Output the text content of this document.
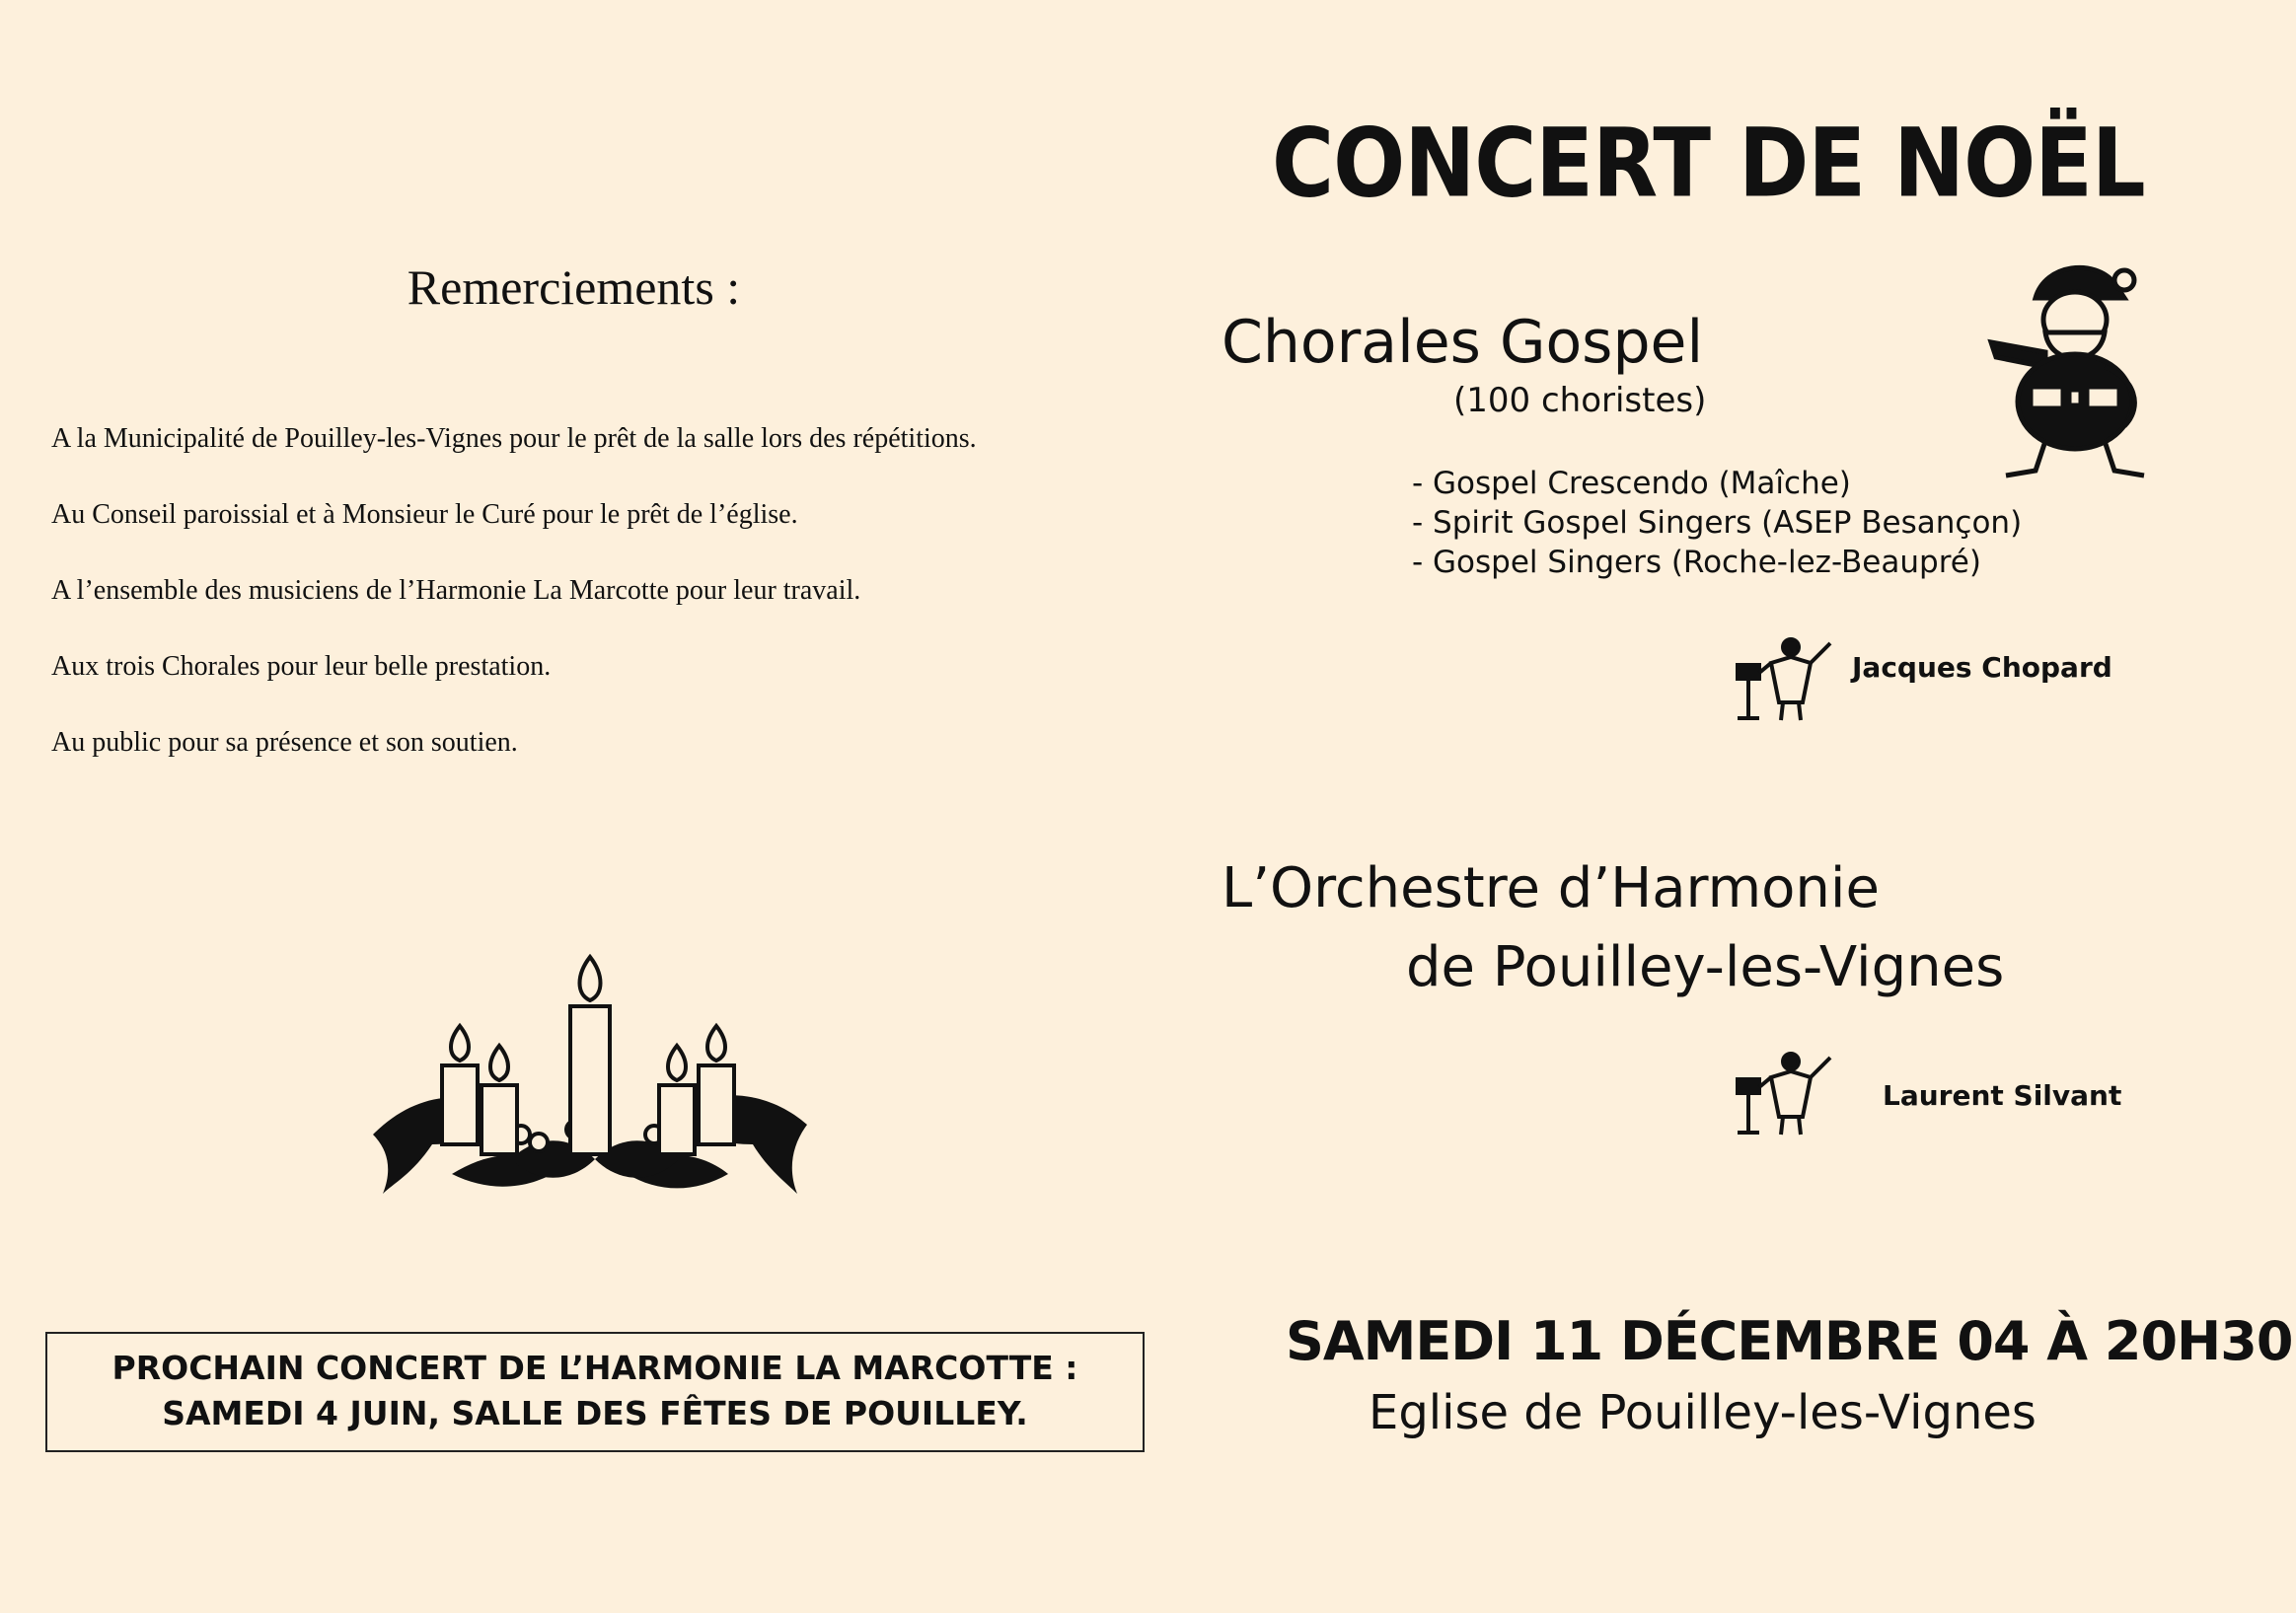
Remerciements :

A la Municipalité de Pouilley-les-Vignes pour le prêt de la salle lors des répétitions.

Au Conseil paroissial et à Monsieur le Curé pour le prêt de l’église.

A l’ensemble des musiciens de l’Harmonie La Marcotte pour leur travail.

Aux trois Chorales pour leur belle prestation.

Au public pour sa présence et son soutien.

PROCHAIN CONCERT DE L’HARMONIE LA MARCOTTE :
SAMEDI 4 JUIN, SALLE DES FÊTES DE POUILLEY.
CONCERT DE NOËL
Chorales Gospel
(100 choristes)
- Gospel Crescendo (Maîche)
- Spirit Gospel Singers (ASEP Besançon)
- Gospel Singers (Roche-lez-Beaupré)
Jacques Chopard
L’Orchestre d’Harmonie
de Pouilley-les-Vignes
Laurent Silvant
SAMEDI 11 DÉCEMBRE 04 À 20H30
Eglise de Pouilley-les-Vignes
